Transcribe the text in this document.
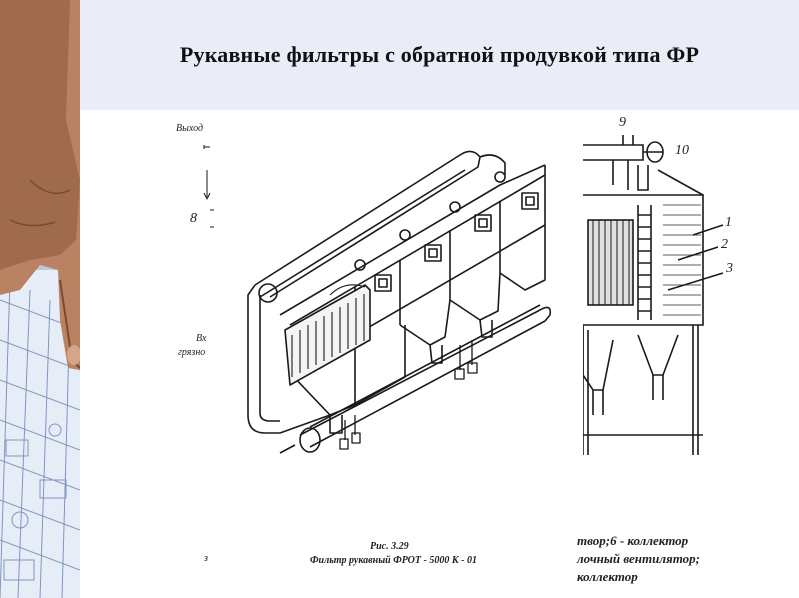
Рукавные фильтры с обратной продувкой типа ФР
Выход
8
Вх
грязно
Рис. 3.29
Фильтр рукавный ФРОТ - 5000 К - 01
з
9
10
1
2
3
твор;6 - коллектор
лочный вентилятор;
коллектор
